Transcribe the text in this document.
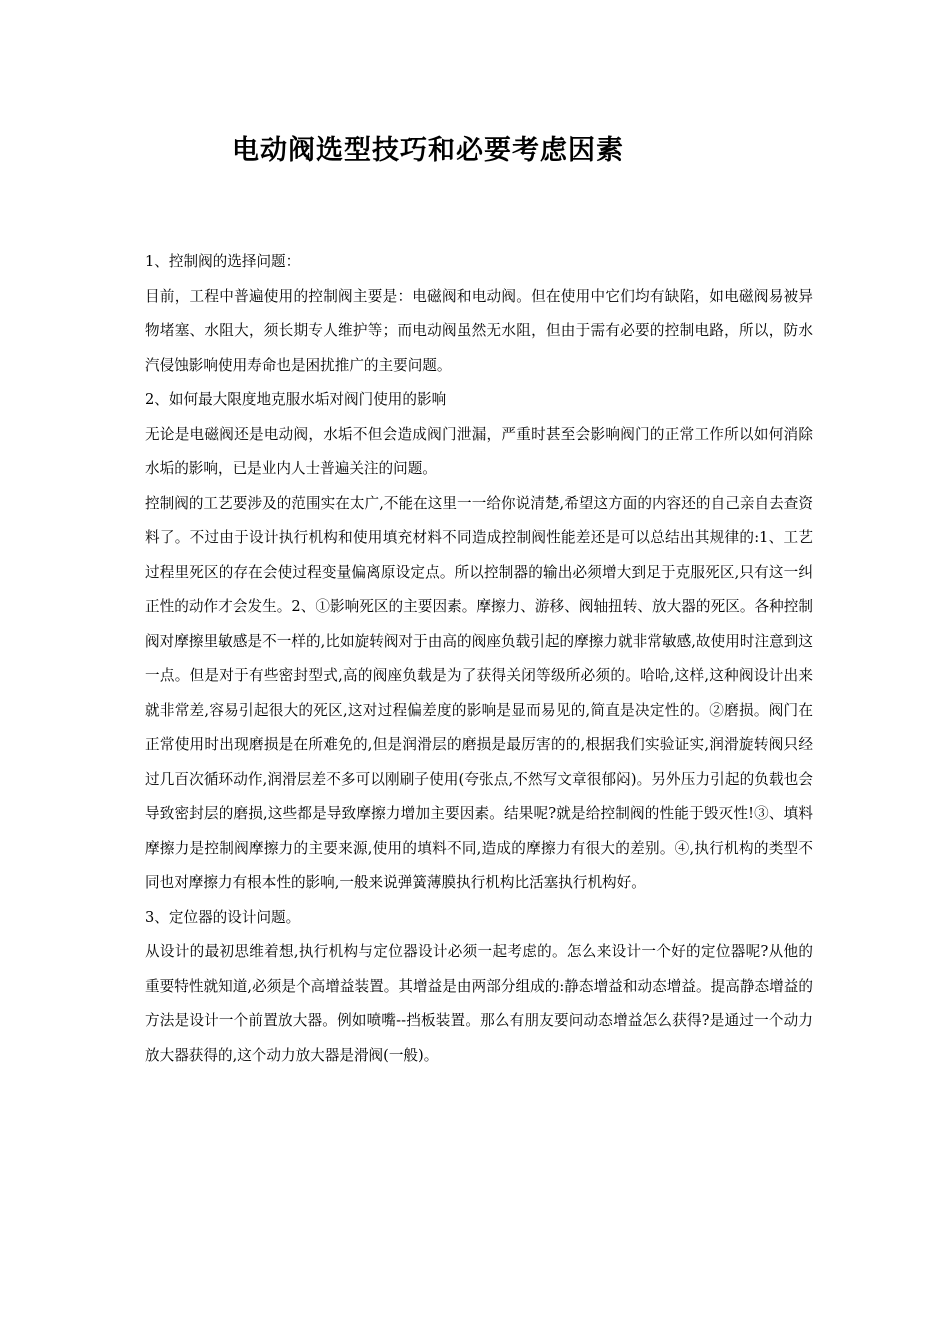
电动阀选型技巧和必要考虑因素

1、控制阀的选择问题：

目前，工程中普遍使用的控制阀主要是：电磁阀和电动阀。但在使用中它们均有缺陷，如电磁阀易被异物堵塞、水阻大，须长期专人维护等；而电动阀虽然无水阻，但由于需有必要的控制电路，所以，防水汽侵蚀影响使用寿命也是困扰推广的主要问题。

2、如何最大限度地克服水垢对阀门使用的影响

无论是电磁阀还是电动阀，水垢不但会造成阀门泄漏，严重时甚至会影响阀门的正常工作所以如何消除水垢的影响，已是业内人士普遍关注的问题。

控制阀的工艺要涉及的范围实在太广,不能在这里一一给你说清楚,希望这方面的内容还的自己亲自去查资料了。不过由于设计执行机构和使用填充材料不同造成控制阀性能差还是可以总结出其规律的:1、工艺过程里死区的存在会使过程变量偏离原设定点。所以控制器的输出必须增大到足于克服死区,只有这一纠正性的动作才会发生。2、①影响死区的主要因素。摩擦力、游移、阀轴扭转、放大器的死区。各种控制阀对摩擦里敏感是不一样的,比如旋转阀对于由高的阀座负载引起的摩擦力就非常敏感,故使用时注意到这一点。但是对于有些密封型式,高的阀座负载是为了获得关闭等级所必须的。哈哈,这样,这种阀设计出来就非常差,容易引起很大的死区,这对过程偏差度的影响是显而易见的,简直是决定性的。②磨损。阀门在正常使用时出现磨损是在所难免的,但是润滑层的磨损是最厉害的的,根据我们实验证实,润滑旋转阀只经过几百次循环动作,润滑层差不多可以刚刷子使用(夸张点,不然写文章很郁闷)。另外压力引起的负载也会导致密封层的磨损,这些都是导致摩擦力增加主要因素。结果呢?就是给控制阀的性能于毁灭性!③、填料摩擦力是控制阀摩擦力的主要来源,使用的填料不同,造成的摩擦力有很大的差别。④,执行机构的类型不同也对摩擦力有根本性的影响,一般来说弹簧薄膜执行机构比活塞执行机构好。

3、定位器的设计问题。

从设计的最初思维着想,执行机构与定位器设计必须一起考虑的。怎么来设计一个好的定位器呢?从他的重要特性就知道,必须是个高增益装置。其增益是由两部分组成的:静态增益和动态增益。提高静态增益的方法是设计一个前置放大器。例如喷嘴--挡板装置。那么有朋友要问动态增益怎么获得?是通过一个动力放大器获得的,这个动力放大器是滑阀(一般)。
